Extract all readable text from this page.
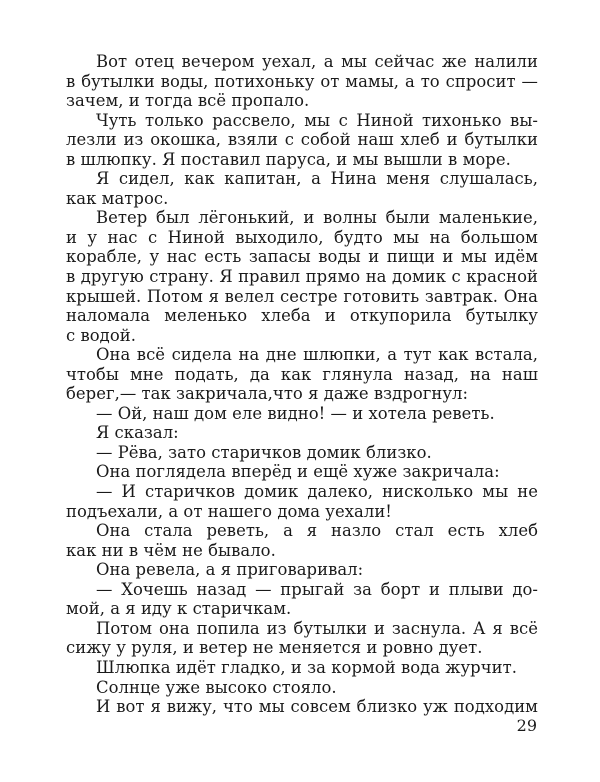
Вот отец вечером уехал, а мы сейчас же налили
в бутылки воды, потихоньку от мамы, а то спросит —
зачем, и тогда всё пропало.
Чуть только рассвело, мы с Ниной тихонько вы-
лезли из окошка, взяли с собой наш хлеб и бутылки
в шлюпку. Я поставил паруса, и мы вышли в море.
Я сидел, как капитан, а Нина меня слушалась,
как матрос.
Ветер был лёгонький, и волны были маленькие,
и у нас с Ниной выходило, будто мы на большом
корабле, у нас есть запасы воды и пищи и мы идём
в другую страну. Я правил прямо на домик с красной
крышей. Потом я велел сестре готовить завтрак. Она
наломала меленько хлеба и откупорила бутылку
с водой.
Она всё сидела на дне шлюпки, а тут как встала,
чтобы мне подать, да как глянула назад, на наш
берег,— так закричала,что я даже вздрогнул:
— Ой, наш дом еле видно! — и хотела реветь.
Я сказал:
— Рёва, зато старичков домик близко.
Она поглядела вперёд и ещё хуже закричала:
— И старичков домик далеко, нисколько мы не
подъехали, а от нашего дома уехали!
Она стала реветь, а я назло стал есть хлеб
как ни в чём не бывало.
Она ревела, а я приговаривал:
— Хочешь назад — прыгай за борт и плыви до-
мой, а я иду к старичкам.
Потом она попила из бутылки и заснула. А я всё
сижу у руля, и ветер не меняется и ровно дует.
Шлюпка идёт гладко, и за кормой вода журчит.
Солнце уже высоко стояло.
И вот я вижу, что мы совсем близко уж подходим
29
